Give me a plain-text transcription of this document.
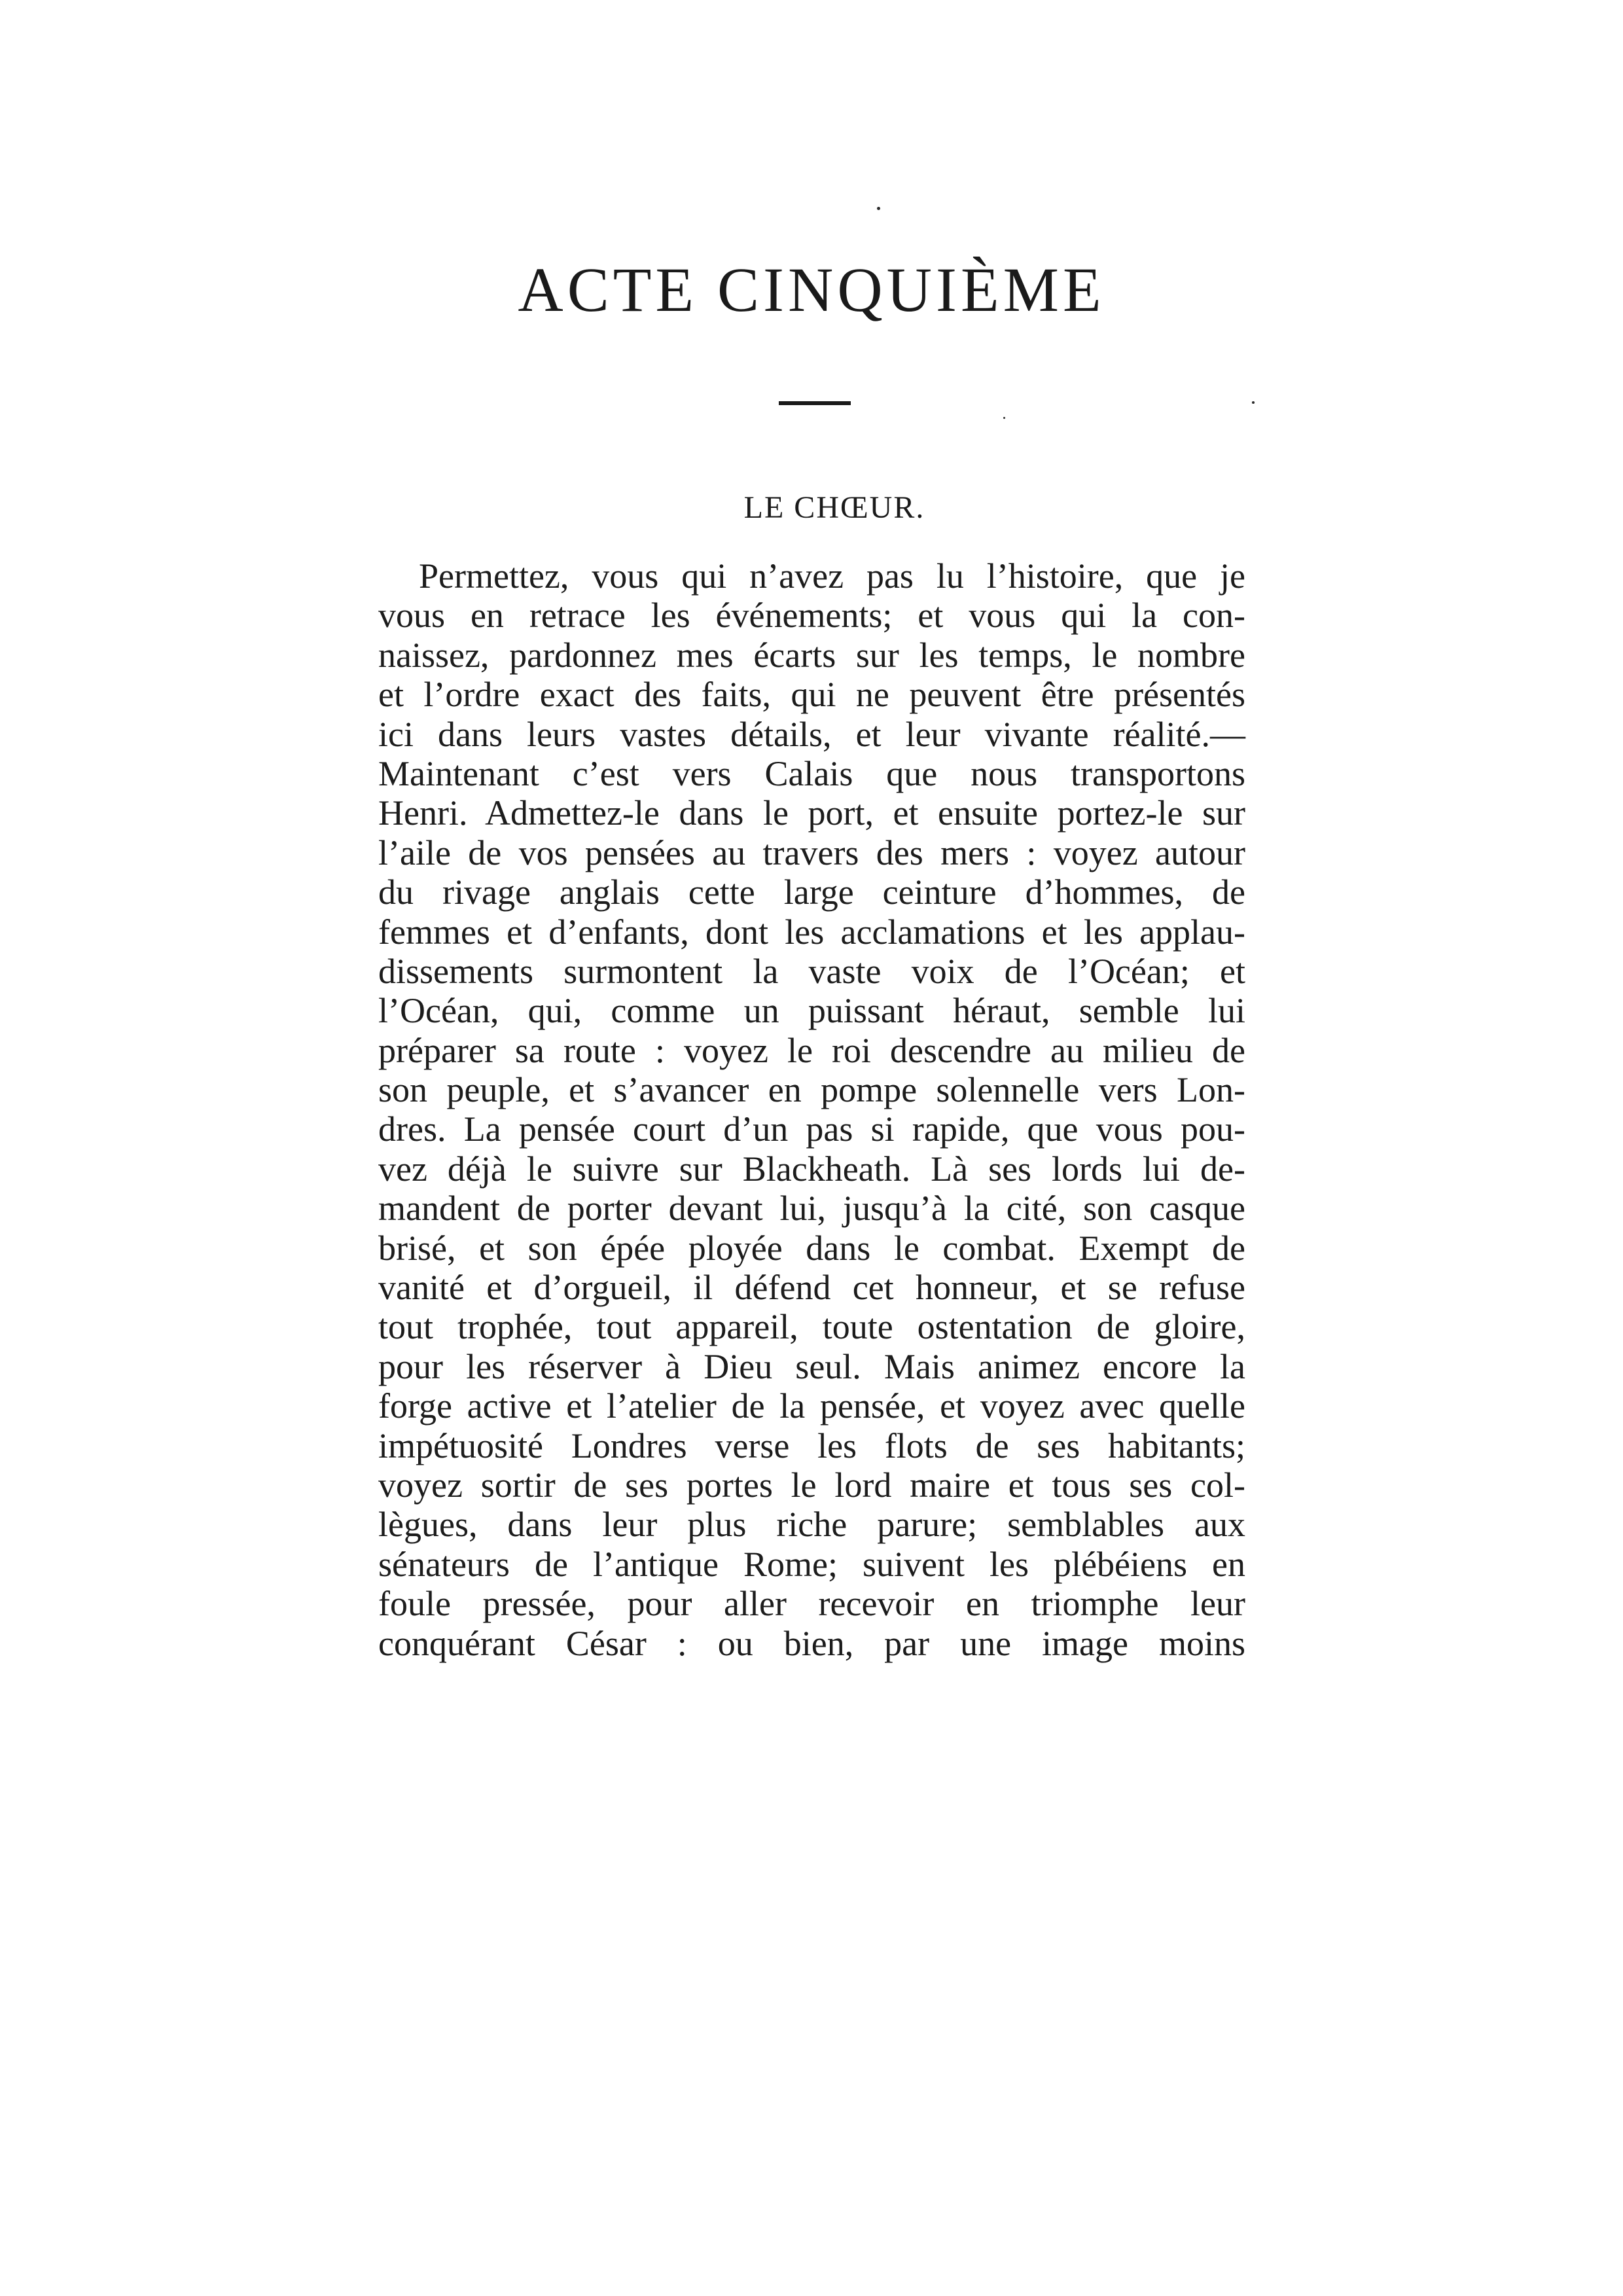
ACTE CINQUIÈME
LE CHŒUR.
Permettez, vous qui n’avez pas lu l’histoire, que je
vous en retrace les événements; et vous qui la con-
naissez, pardonnez mes écarts sur les temps, le nombre
et l’ordre exact des faits, qui ne peuvent être présentés
ici dans leurs vastes détails, et leur vivante réalité.—
Maintenant c’est vers Calais que nous transportons
Henri. Admettez-le dans le port, et ensuite portez-le sur
l’aile de vos pensées au travers des mers : voyez autour
du rivage anglais cette large ceinture d’hommes, de
femmes et d’enfants, dont les acclamations et les applau-
dissements surmontent la vaste voix de l’Océan; et
l’Océan, qui, comme un puissant héraut, semble lui
préparer sa route : voyez le roi descendre au milieu de
son peuple, et s’avancer en pompe solennelle vers Lon-
dres. La pensée court d’un pas si rapide, que vous pou-
vez déjà le suivre sur Blackheath. Là ses lords lui de-
mandent de porter devant lui, jusqu’à la cité, son casque
brisé, et son épée ployée dans le combat. Exempt de
vanité et d’orgueil, il défend cet honneur, et se refuse
tout trophée, tout appareil, toute ostentation de gloire,
pour les réserver à Dieu seul. Mais animez encore la
forge active et l’atelier de la pensée, et voyez avec quelle
impétuosité Londres verse les flots de ses habitants;
voyez sortir de ses portes le lord maire et tous ses col-
lègues, dans leur plus riche parure; semblables aux
sénateurs de l’antique Rome; suivent les plébéiens en
foule pressée, pour aller recevoir en triomphe leur
conquérant César : ou bien, par une image moins
